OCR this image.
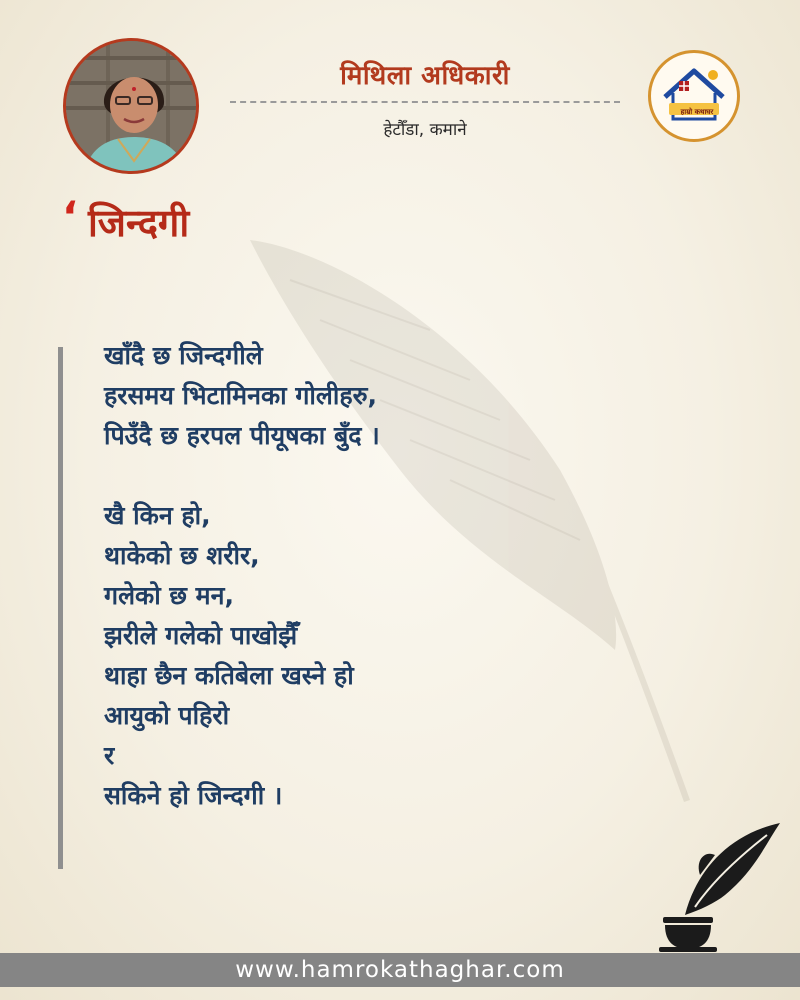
मिथिला अधिकारी
हेटौँडा, कमाने
हाम्रो कथाघर
‘ जिन्दगी
खाँदै छ जिन्दगीले
हरसमय भिटामिनका गोलीहरु,
पिउँदै छ हरपल पीयूषका बुँद ।
खै किन हो,
थाकेको छ शरीर,
गलेको छ मन,
झरीले गलेको पाखोझैँ
थाहा छैन कतिबेला खस्ने हो
आयुको पहिरो
र
सकिने हो जिन्दगी ।
www.hamrokathaghar.com
